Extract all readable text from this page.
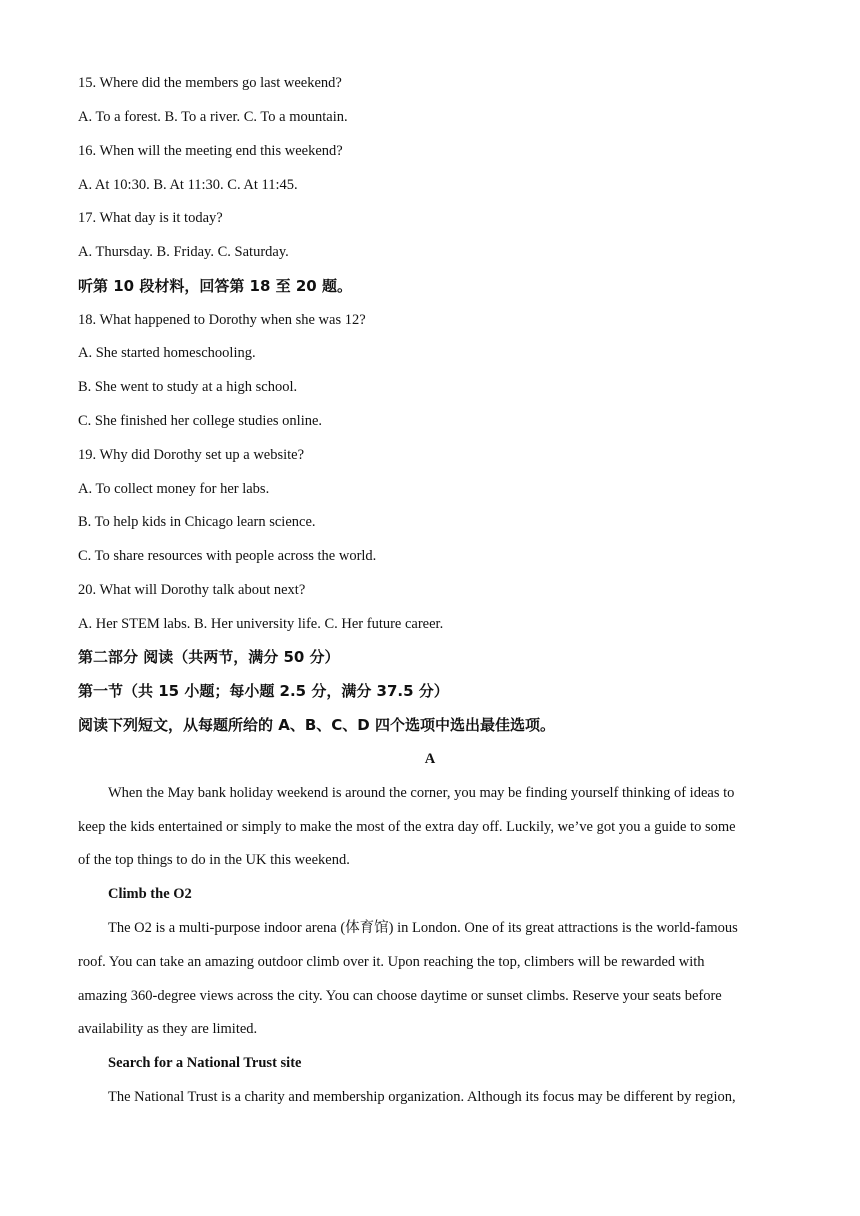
15. Where did the members go last weekend?
A. To a forest. B. To a river. C. To a mountain.
16. When will the meeting end this weekend?
A. At 10:30. B. At 11:30. C. At 11:45.
17. What day is it today?
A. Thursday. B. Friday. C. Saturday.
听第 10 段材料，回答第 18 至 20 题。
18. What happened to Dorothy when she was 12?
A. She started homeschooling.
B. She went to study at a high school.
C. She finished her college studies online.
19. Why did Dorothy set up a website?
A. To collect money for her labs.
B. To help kids in Chicago learn science.
C. To share resources with people across the world.
20. What will Dorothy talk about next?
A. Her STEM labs. B. Her university life. C. Her future career.
第二部分 阅读（共两节，满分 50 分）
第一节（共 15 小题；每小题 2.5 分，满分 37.5 分）
阅读下列短文，从每题所给的 A、B、C、D 四个选项中选出最佳选项。
A
When the May bank holiday weekend is around the corner, you may be finding yourself thinking of ideas to
keep the kids entertained or simply to make the most of the extra day off. Luckily, we’ve got you a guide to some
of the top things to do in the UK this weekend.
Climb the O2
The O2 is a multi-purpose indoor arena (体育馆) in London. One of its great attractions is the world-famous
roof. You can take an amazing outdoor climb over it. Upon reaching the top, climbers will be rewarded with
amazing 360-degree views across the city. You can choose daytime or sunset climbs. Reserve your seats before
availability as they are limited.
Search for a National Trust site
The National Trust is a charity and membership organization. Although its focus may be different by region,
